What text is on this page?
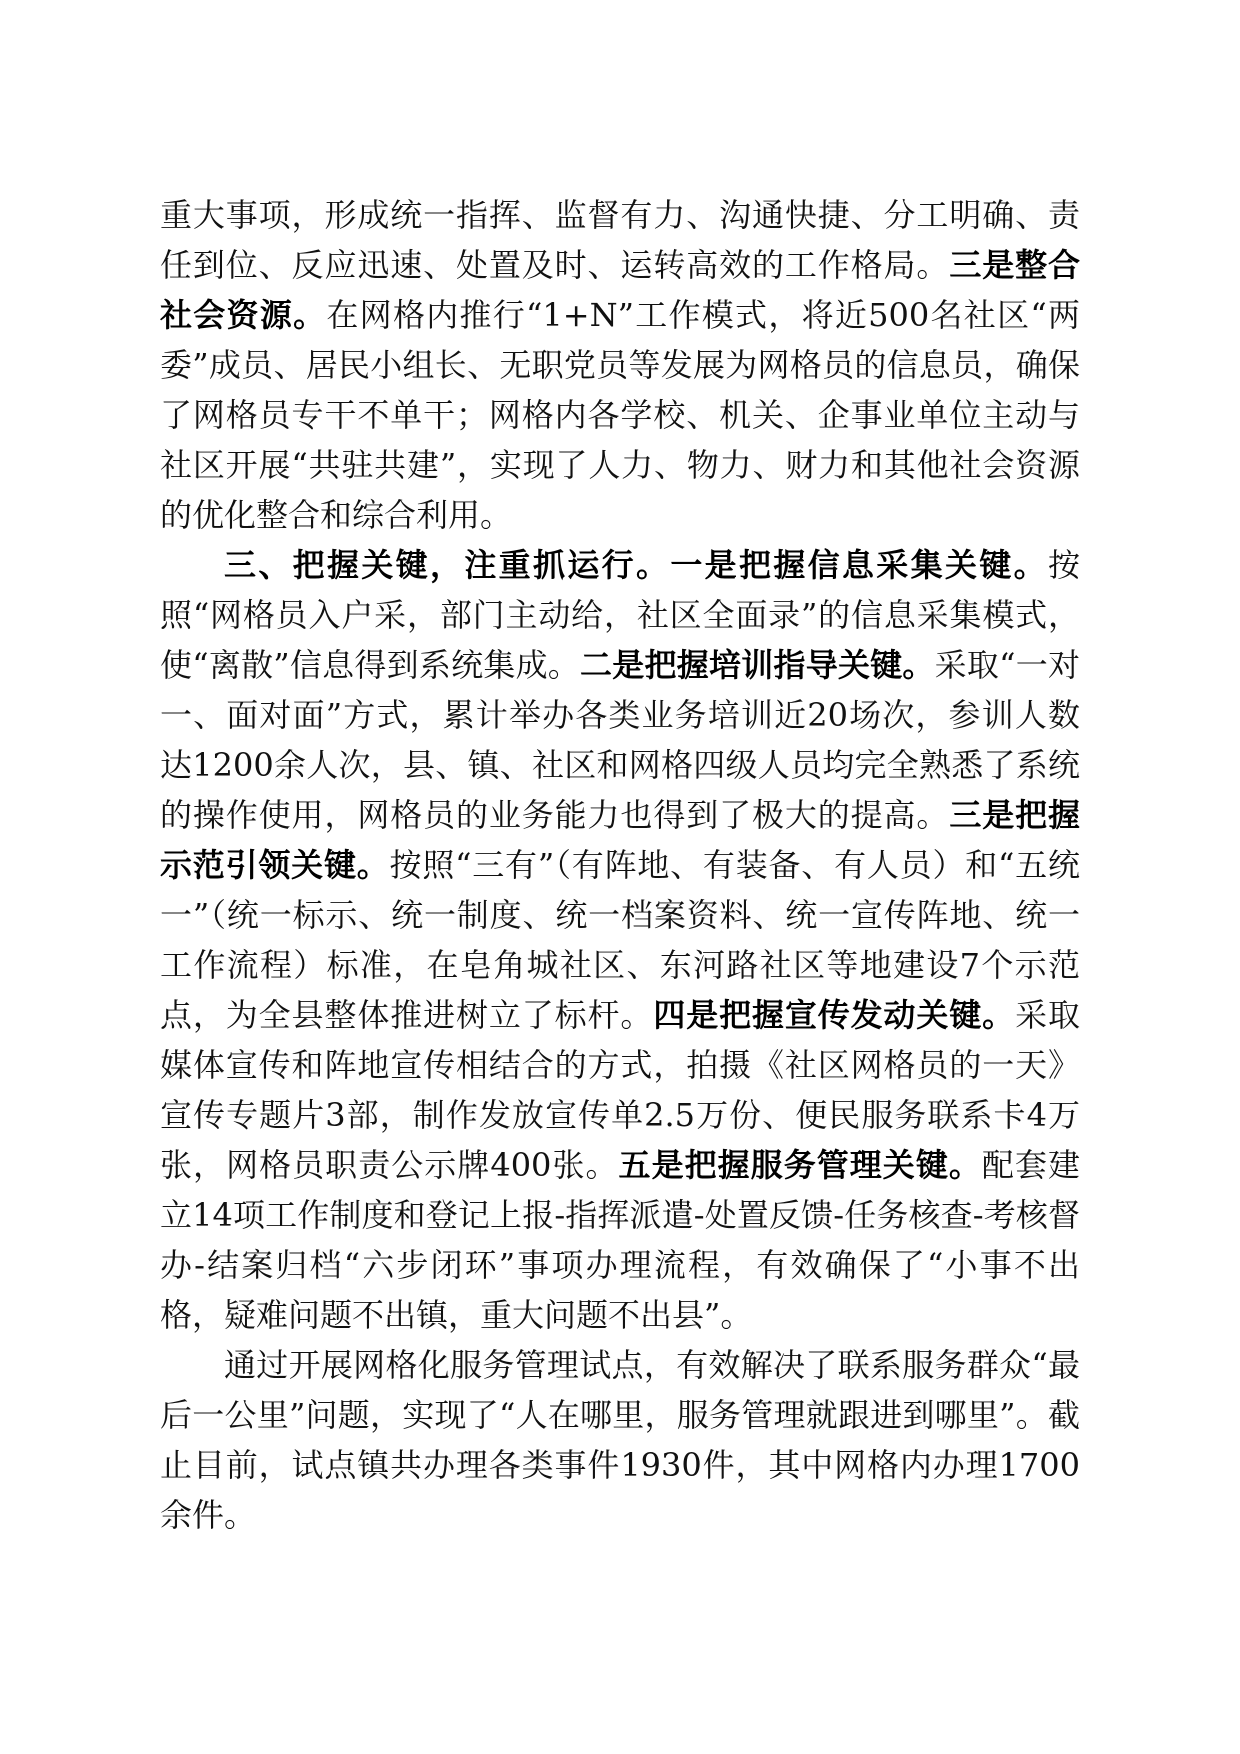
重大事项，形成统一指挥、监督有力、沟通快捷、分工明确、责任到位、反应迅速、处置及时、运转高效的工作格局。三是整合社会资源。在网格内推行“1+N”工作模式，将近500名社区“两委”成员、居民小组长、无职党员等发展为网格员的信息员，确保了网格员专干不单干；网格内各学校、机关、企事业单位主动与社区开展“共驻共建”，实现了人力、物力、财力和其他社会资源的优化整合和综合利用。

三、把握关键，注重抓运行。一是把握信息采集关键。按照“网格员入户采，部门主动给，社区全面录”的信息采集模式，使“离散”信息得到系统集成。二是把握培训指导关键。采取“一对一、面对面”方式，累计举办各类业务培训近20场次，参训人数达1200余人次，县、镇、社区和网格四级人员均完全熟悉了系统的操作使用，网格员的业务能力也得到了极大的提高。三是把握示范引领关键。按照“三有”（有阵地、有装备、有人员）和“五统一”（统一标示、统一制度、统一档案资料、统一宣传阵地、统一工作流程）标准，在皂角城社区、东河路社区等地建设7个示范点，为全县整体推进树立了标杆。四是把握宣传发动关键。采取媒体宣传和阵地宣传相结合的方式，拍摄《社区网格员的一天》宣传专题片3部，制作发放宣传单2.5万份、便民服务联系卡4万张，网格员职责公示牌400张。五是把握服务管理关键。配套建立14项工作制度和登记上报-指挥派遣-处置反馈-任务核查-考核督办-结案归档“六步闭环”事项办理流程，有效确保了“小事不出格，疑难问题不出镇，重大问题不出县”。

通过开展网格化服务管理试点，有效解决了联系服务群众“最后一公里”问题，实现了“人在哪里，服务管理就跟进到哪里”。截止目前，试点镇共办理各类事件1930件，其中网格内办理1700余件。
